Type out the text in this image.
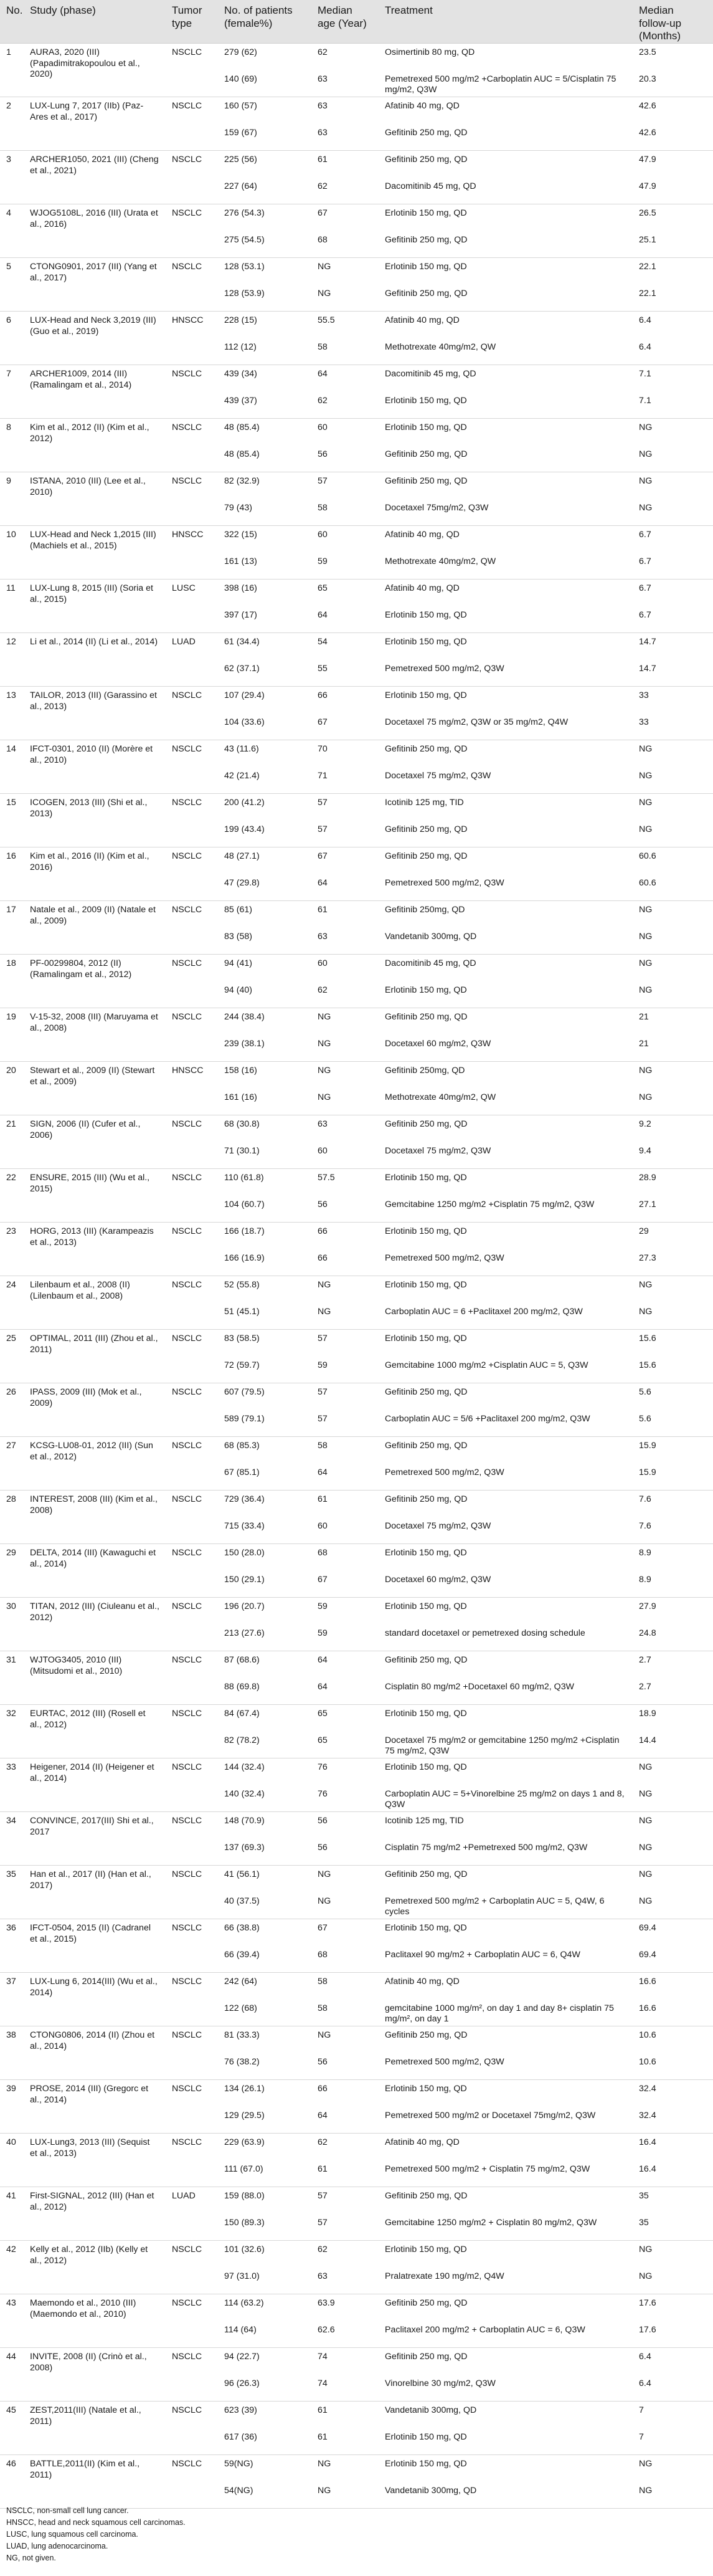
No.	Study (phase)	Tumor type	No. of patients (female%)	Median age (Year)	Treatment	Median follow-up (Months)
1	AURA3, 2020 (III) (Papadimitrakopoulou et al., 2020)	NSCLC	279 (62)	62	Osimertinib 80 mg, QD	23.5
			140 (69)	63	Pemetrexed 500 mg/m2 +Carboplatin AUC = 5/Cisplatin 75 mg/m2, Q3W	20.3
2	LUX-Lung 7, 2017 (IIb) (Paz-Ares et al., 2017)	NSCLC	160 (57)	63	Afatinib 40 mg, QD	42.6
			159 (67)	63	Gefitinib 250 mg, QD	42.6
3	ARCHER1050, 2021 (III) (Cheng et al., 2021)	NSCLC	225 (56)	61	Gefitinib 250 mg, QD	47.9
			227 (64)	62	Dacomitinib 45 mg, QD	47.9
4	WJOG5108L, 2016 (III) (Urata et al., 2016)	NSCLC	276 (54.3)	67	Erlotinib 150 mg, QD	26.5
			275 (54.5)	68	Gefitinib 250 mg, QD	25.1
5	CTONG0901, 2017 (III) (Yang et al., 2017)	NSCLC	128 (53.1)	NG	Erlotinib 150 mg, QD	22.1
			128 (53.9)	NG	Gefitinib 250 mg, QD	22.1
6	LUX-Head and Neck 3,2019 (III) (Guo et al., 2019)	HNSCC	228 (15)	55.5	Afatinib 40 mg, QD	6.4
			112 (12)	58	Methotrexate 40mg/m2, QW	6.4
7	ARCHER1009, 2014 (III) (Ramalingam et al., 2014)	NSCLC	439 (34)	64	Dacomitinib 45 mg, QD	7.1
			439 (37)	62	Erlotinib 150 mg, QD	7.1
8	Kim et al., 2012 (II) (Kim et al., 2012)	NSCLC	48 (85.4)	60	Erlotinib 150 mg, QD	NG
			48 (85.4)	56	Gefitinib 250 mg, QD	NG
9	ISTANA, 2010 (III) (Lee et al., 2010)	NSCLC	82 (32.9)	57	Gefitinib 250 mg, QD	NG
			79 (43)	58	Docetaxel 75mg/m2, Q3W	NG
10	LUX-Head and Neck 1,2015 (III) (Machiels et al., 2015)	HNSCC	322 (15)	60	Afatinib 40 mg, QD	6.7
			161 (13)	59	Methotrexate 40mg/m2, QW	6.7
11	LUX-Lung 8, 2015 (III) (Soria et al., 2015)	LUSC	398 (16)	65	Afatinib 40 mg, QD	6.7
			397 (17)	64	Erlotinib 150 mg, QD	6.7
12	Li et al., 2014 (II) (Li et al., 2014)	LUAD	61 (34.4)	54	Erlotinib 150 mg, QD	14.7
			62 (37.1)	55	Pemetrexed 500 mg/m2, Q3W	14.7
13	TAILOR, 2013 (III) (Garassino et al., 2013)	NSCLC	107 (29.4)	66	Erlotinib 150 mg, QD	33
			104 (33.6)	67	Docetaxel 75 mg/m2, Q3W or 35 mg/m2, Q4W	33
14	IFCT-0301, 2010 (II) (Morère et al., 2010)	NSCLC	43 (11.6)	70	Gefitinib 250 mg, QD	NG
			42 (21.4)	71	Docetaxel 75 mg/m2, Q3W	NG
15	ICOGEN, 2013 (III) (Shi et al., 2013)	NSCLC	200 (41.2)	57	Icotinib 125 mg, TID	NG
			199 (43.4)	57	Gefitinib 250 mg, QD	NG
16	Kim et al., 2016 (II) (Kim et al., 2016)	NSCLC	48 (27.1)	67	Gefitinib 250 mg, QD	60.6
			47 (29.8)	64	Pemetrexed 500 mg/m2, Q3W	60.6
17	Natale et al., 2009 (II) (Natale et al., 2009)	NSCLC	85 (61)	61	Gefitinib 250mg, QD	NG
			83 (58)	63	Vandetanib 300mg, QD	NG
18	PF-00299804, 2012 (II) (Ramalingam et al., 2012)	NSCLC	94 (41)	60	Dacomitinib 45 mg, QD	NG
			94 (40)	62	Erlotinib 150 mg, QD	NG
19	V-15-32, 2008 (III) (Maruyama et al., 2008)	NSCLC	244 (38.4)	NG	Gefitinib 250 mg, QD	21
			239 (38.1)	NG	Docetaxel 60 mg/m2, Q3W	21
20	Stewart et al., 2009 (II) (Stewart et al., 2009)	HNSCC	158 (16)	NG	Gefitinib 250mg, QD	NG
			161 (16)	NG	Methotrexate 40mg/m2, QW	NG
21	SIGN, 2006 (II) (Cufer et al., 2006)	NSCLC	68 (30.8)	63	Gefitinib 250 mg, QD	9.2
			71 (30.1)	60	Docetaxel 75 mg/m2, Q3W	9.4
22	ENSURE, 2015 (III) (Wu et al., 2015)	NSCLC	110 (61.8)	57.5	Erlotinib 150 mg, QD	28.9
			104 (60.7)	56	Gemcitabine 1250 mg/m2 +Cisplatin 75 mg/m2, Q3W	27.1
23	HORG, 2013 (III) (Karampeazis et al., 2013)	NSCLC	166 (18.7)	66	Erlotinib 150 mg, QD	29
			166 (16.9)	66	Pemetrexed 500 mg/m2, Q3W	27.3
24	Lilenbaum et al., 2008 (II) (Lilenbaum et al., 2008)	NSCLC	52 (55.8)	NG	Erlotinib 150 mg, QD	NG
			51 (45.1)	NG	Carboplatin AUC = 6 +Paclitaxel 200 mg/m2, Q3W	NG
25	OPTIMAL, 2011 (III) (Zhou et al., 2011)	NSCLC	83 (58.5)	57	Erlotinib 150 mg, QD	15.6
			72 (59.7)	59	Gemcitabine 1000 mg/m2 +Cisplatin AUC = 5, Q3W	15.6
26	IPASS, 2009 (III) (Mok et al., 2009)	NSCLC	607 (79.5)	57	Gefitinib 250 mg, QD	5.6
			589 (79.1)	57	Carboplatin AUC = 5/6 +Paclitaxel 200 mg/m2, Q3W	5.6
27	KCSG-LU08-01, 2012 (III) (Sun et al., 2012)	NSCLC	68 (85.3)	58	Gefitinib 250 mg, QD	15.9
			67 (85.1)	64	Pemetrexed 500 mg/m2, Q3W	15.9
28	INTEREST, 2008 (III) (Kim et al., 2008)	NSCLC	729 (36.4)	61	Gefitinib 250 mg, QD	7.6
			715 (33.4)	60	Docetaxel 75 mg/m2, Q3W	7.6
29	DELTA, 2014 (III) (Kawaguchi et al., 2014)	NSCLC	150 (28.0)	68	Erlotinib 150 mg, QD	8.9
			150 (29.1)	67	Docetaxel 60 mg/m2, Q3W	8.9
30	TITAN, 2012 (III) (Ciuleanu et al., 2012)	NSCLC	196 (20.7)	59	Erlotinib 150 mg, QD	27.9
			213 (27.6)	59	standard docetaxel or pemetrexed dosing schedule	24.8
31	WJTOG3405, 2010 (III) (Mitsudomi et al., 2010)	NSCLC	87 (68.6)	64	Gefitinib 250 mg, QD	2.7
			88 (69.8)	64	Cisplatin 80 mg/m2 +Docetaxel 60 mg/m2, Q3W	2.7
32	EURTAC, 2012 (III) (Rosell et al., 2012)	NSCLC	84 (67.4)	65	Erlotinib 150 mg, QD	18.9
			82 (78.2)	65	Docetaxel 75 mg/m2 or gemcitabine 1250 mg/m2 +Cisplatin 75 mg/m2, Q3W	14.4
33	Heigener, 2014 (II) (Heigener et al., 2014)	NSCLC	144 (32.4)	76	Erlotinib 150 mg, QD	NG
			140 (32.4)	76	Carboplatin AUC = 5+Vinorelbine 25 mg/m2 on days 1 and 8, Q3W	NG
34	CONVINCE, 2017(III) Shi et al., 2017	NSCLC	148 (70.9)	56	Icotinib 125 mg, TID	NG
			137 (69.3)	56	Cisplatin 75 mg/m2 +Pemetrexed 500 mg/m2, Q3W	NG
35	Han et al., 2017 (II) (Han et al., 2017)	NSCLC	41 (56.1)	NG	Gefitinib 250 mg, QD	NG
			40 (37.5)	NG	Pemetrexed 500 mg/m2 + Carboplatin AUC = 5, Q4W, 6 cycles	NG
36	IFCT-0504, 2015 (II) (Cadranel et al., 2015)	NSCLC	66 (38.8)	67	Erlotinib 150 mg, QD	69.4
			66 (39.4)	68	Paclitaxel 90 mg/m2 + Carboplatin AUC = 6, Q4W	69.4
37	LUX-Lung 6, 2014(III) (Wu et al., 2014)	NSCLC	242 (64)	58	Afatinib 40 mg, QD	16.6
			122 (68)	58	gemcitabine 1000 mg/m², on day 1 and day 8+ cisplatin 75 mg/m², on day 1	16.6
38	CTONG0806, 2014 (II) (Zhou et al., 2014)	NSCLC	81 (33.3)	NG	Gefitinib 250 mg, QD	10.6
			76 (38.2)	56	Pemetrexed 500 mg/m2, Q3W	10.6
39	PROSE, 2014 (III) (Gregorc et al., 2014)	NSCLC	134 (26.1)	66	Erlotinib 150 mg, QD	32.4
			129 (29.5)	64	Pemetrexed 500 mg/m2 or Docetaxel 75mg/m2, Q3W	32.4
40	LUX-Lung3, 2013 (III) (Sequist et al., 2013)	NSCLC	229 (63.9)	62	Afatinib 40 mg, QD	16.4
			111 (67.0)	61	Pemetrexed 500 mg/m2 + Cisplatin 75 mg/m2, Q3W	16.4
41	First-SIGNAL, 2012 (III) (Han et al., 2012)	LUAD	159 (88.0)	57	Gefitinib 250 mg, QD	35
			150 (89.3)	57	Gemcitabine 1250 mg/m2 + Cisplatin 80 mg/m2, Q3W	35
42	Kelly et al., 2012 (IIb) (Kelly et al., 2012)	NSCLC	101 (32.6)	62	Erlotinib 150 mg, QD	NG
			97 (31.0)	63	Pralatrexate 190 mg/m2, Q4W	NG
43	Maemondo et al., 2010 (III) (Maemondo et al., 2010)	NSCLC	114 (63.2)	63.9	Gefitinib 250 mg, QD	17.6
			114 (64)	62.6	Paclitaxel 200 mg/m2 + Carboplatin AUC = 6, Q3W	17.6
44	INVITE, 2008 (II) (Crinò et al., 2008)	NSCLC	94 (22.7)	74	Gefitinib 250 mg, QD	6.4
			96 (26.3)	74	Vinorelbine 30 mg/m2, Q3W	6.4
45	ZEST,2011(III) (Natale et al., 2011)	NSCLC	623 (39)	61	Vandetanib 300mg, QD	7
			617 (36)	61	Erlotinib 150 mg, QD	7
46	BATTLE,2011(II) (Kim et al., 2011)	NSCLC	59(NG)	NG	Erlotinib 150 mg, QD	NG
			54(NG)	NG	Vandetanib 300mg, QD	NG
NSCLC, non-small cell lung cancer.
HNSCC, head and neck squamous cell carcinomas.
LUSC, lung squamous cell carcinoma.
LUAD, lung adenocarcinoma.
NG, not given.
